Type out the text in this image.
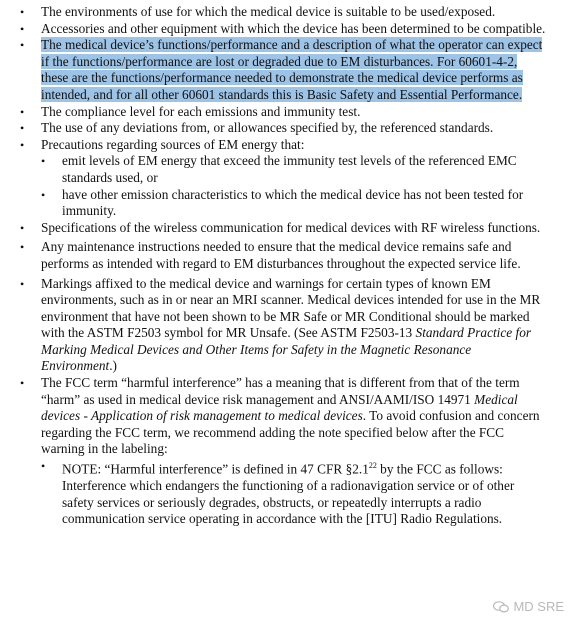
• The environments of use for which the medical device is suitable to be used/exposed.
• Accessories and other equipment with which the device has been determined to be compatible.
• The medical device’s functions/performance and a description of what the operator can expect if the functions/performance are lost or degraded due to EM disturbances. For 60601-4-2, these are the functions/performance needed to demonstrate the medical device performs as intended, and for all other 60601 standards this is Basic Safety and Essential Performance.
• The compliance level for each emissions and immunity test.
• The use of any deviations from, or allowances specified by, the referenced standards.
• Precautions regarding sources of EM energy that:
• emit levels of EM energy that exceed the immunity test levels of the referenced EMC standards used, or
• have other emission characteristics to which the medical device has not been tested for immunity.
• Specifications of the wireless communication for medical devices with RF wireless functions.
• Any maintenance instructions needed to ensure that the medical device remains safe and performs as intended with regard to EM disturbances throughout the expected service life.
• Markings affixed to the medical device and warnings for certain types of known EM environments, such as in or near an MRI scanner. Medical devices intended for use in the MR environment that have not been shown to be MR Safe or MR Conditional should be marked with the ASTM F2503 symbol for MR Unsafe. (See ASTM F2503-13 Standard Practice for Marking Medical Devices and Other Items for Safety in the Magnetic Resonance Environment.)
• The FCC term “harmful interference” has a meaning that is different from that of the term “harm” as used in medical device risk management and ANSI/AAMI/ISO 14971 Medical devices - Application of risk management to medical devices. To avoid confusion and concern regarding the FCC term, we recommend adding the note specified below after the FCC warning in the labeling:
• NOTE: “Harmful interference” is defined in 47 CFR $\S 2.1^{22}$ by the FCC as follows: Interference which endangers the functioning of a radionavigation service or of other safety services or seriously degrades, obstructs, or repeatedly interrupts a radio communication service operating in accordance with the [ITU] Radio Regulations.
MD SRE
